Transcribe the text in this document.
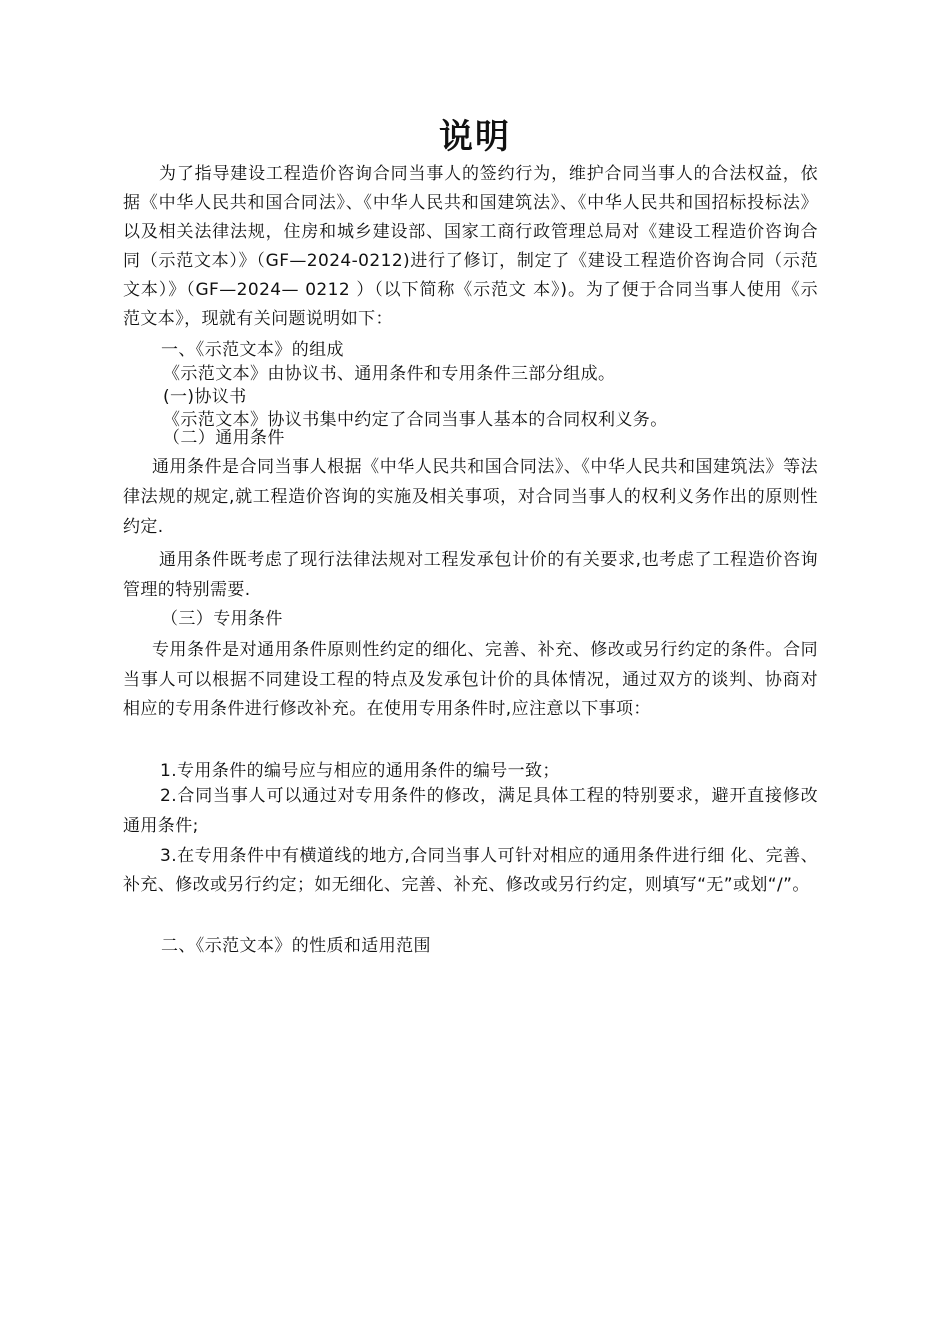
说明

为了指导建设工程造价咨询合同当事人的签约行为，维护合同当事人的合法权益，依据《中华人民共和国合同法》、《中华人民共和国建筑法》、《中华人民共和国招标投标法》以及相关法律法规，住房和城乡建设部、国家工商行政管理总局对《建设工程造价咨询合同（示范文本）》（GF—2024-0212)进行了修订，制定了《建设工程造价咨询合同（示范文本）》（GF—2024— 0212 ）（以下简称《示范文 本》)。为了便于合同当事人使用《示范文本》，现就有关问题说明如下：

一、《示范文本》的组成

《示范文本》由协议书、通用条件和专用条件三部分组成。

(一)协议书

《示范文本》协议书集中约定了合同当事人基本的合同权利义务。

（二）通用条件

通用条件是合同当事人根据《中华人民共和国合同法》、《中华人民共和国建筑法》等法律法规的规定,就工程造价咨询的实施及相关事项，对合同当事人的权利义务作出的原则性约定.

通用条件既考虑了现行法律法规对工程发承包计价的有关要求,也考虑了工程造价咨询管理的特别需要.

（三）专用条件

专用条件是对通用条件原则性约定的细化、完善、补充、修改或另行约定的条件。合同当事人可以根据不同建设工程的特点及发承包计价的具体情况，通过双方的谈判、协商对相应的专用条件进行修改补充。在使用专用条件时,应注意以下事项：

1.专用条件的编号应与相应的通用条件的编号一致；

2.合同当事人可以通过对专用条件的修改，满足具体工程的特别要求，避开直接修改通用条件;

3.在专用条件中有横道线的地方,合同当事人可针对相应的通用条件进行细 化、完善、补充、修改或另行约定；如无细化、完善、补充、修改或另行约定，则填写“无”或划“/”。

二、《示范文本》的性质和适用范围
